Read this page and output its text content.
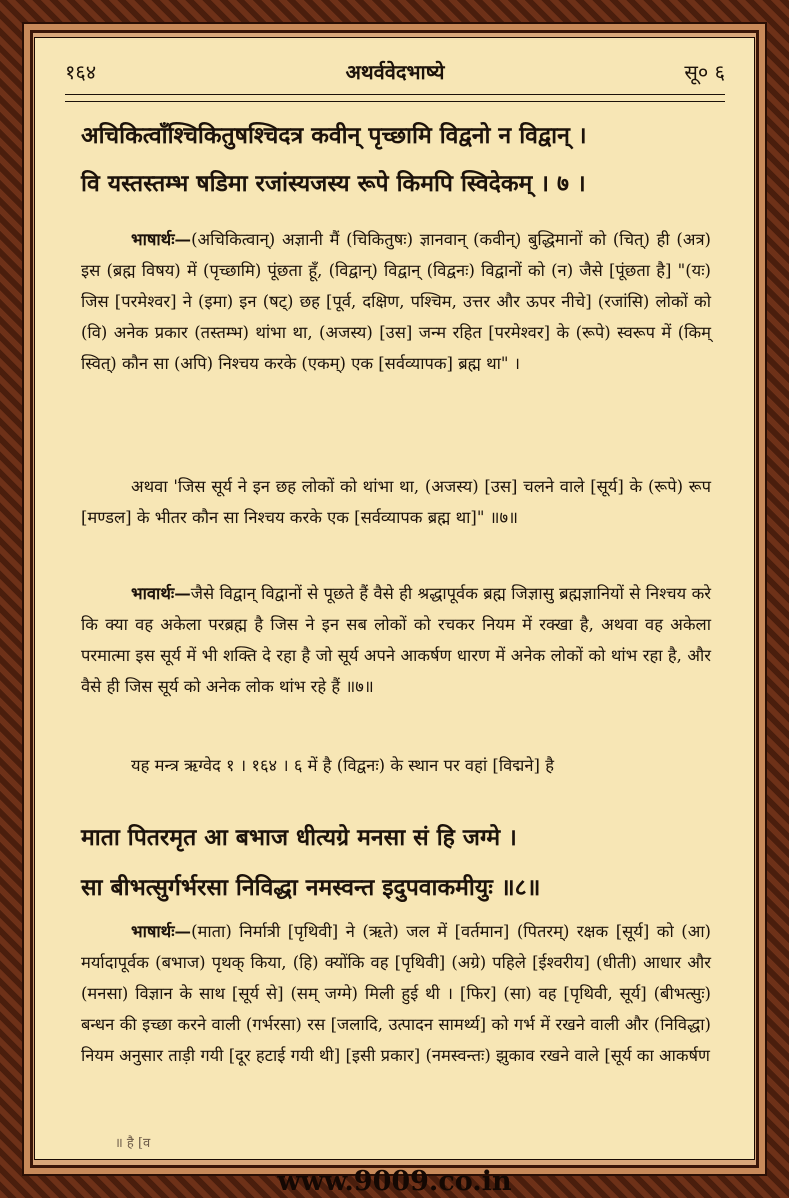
१६४	अथर्ववेदभाष्ये	सू० ६
अचिकित्वाँश्चिकितुषश्चिदत्र कवीन् पृच्छामि विद्वनो न विद्वान् ।
वि यस्तस्तम्भ षडिमा रजांस्यजस्य रूपे किमपि स्विदेकम् । ७ ।
भाषार्थः—(अचिकित्वान्) अज्ञानी मैं (चिकितुषः) ज्ञानवान् (कवीन्) बुद्धिमानों को (चित्) ही (अत्र) इस (ब्रह्म विषय) में (पृच्छामि) पूंछता हूँ, (विद्वान्) विद्वान् (विद्वनः) विद्वानों को (न) जैसे [पूंछता है] "(यः) जिस [परमेश्वर] ने (इमा) इन (षट्) छह [पूर्व, दक्षिण, पश्चिम, उत्तर और ऊपर नीचे] (रजांसि) लोकों को (वि) अनेक प्रकार (तस्तम्भ) थांभा था, (अजस्य) [उस] जन्म रहित [परमेश्वर] के (रूपे) स्वरूप में (किम् स्वित्) कौन सा (अपि) निश्चय करके (एकम्) एक [सर्वव्यापक] ब्रह्म था" ।
अथवा 'जिस सूर्य ने इन छह लोकों को थांभा था, (अजस्य) [उस] चलने वाले [सूर्य] के (रूपे) रूप [मण्डल] के भीतर कौन सा निश्चय करके एक [सर्वव्यापक ब्रह्म था]" ॥७॥
भावार्थः—जैसे विद्वान् विद्वानों से पूछते हैं वैसे ही श्रद्धापूर्वक ब्रह्म जिज्ञासु ब्रह्मज्ञानियों से निश्चय करे कि क्या वह अकेला परब्रह्म है जिस ने इन सब लोकों को रचकर नियम में रक्खा है, अथवा वह अकेला परमात्मा इस सूर्य में भी शक्ति दे रहा है जो सूर्य अपने आकर्षण धारण में अनेक लोकों को थांभ रहा है, और वैसे ही जिस सूर्य को अनेक लोक थांभ रहे हैं ॥७॥
यह मन्त्र ऋग्वेद १ । १६४ । ६ में है (विद्वनः) के स्थान पर वहां [विद्मने] है
माता पितरमृत आ बभाज धीत्यग्रे मनसा सं हि जग्मे ।
सा बीभत्सुर्गर्भरसा निविद्धा नमस्वन्त इदुपवाकमीयुः ॥८॥
भाषार्थः—(माता) निर्मात्री [पृथिवी] ने (ऋते) जल में [वर्तमान] (पितरम्) रक्षक [सूर्य] को (आ) मर्यादापूर्वक (बभाज) पृथक् किया, (हि) क्योंकि वह [पृथिवी] (अग्रे) पहिले [ईश्वरीय] (धीती) आधार और (मनसा) विज्ञान के साथ [सूर्य से] (सम् जग्मे) मिली हुई थी । [फिर] (सा) वह [पृथिवी, सूर्य] (बीभत्सुः) बन्धन की इच्छा करने वाली (गर्भरसा) रस [जलादि, उत्पादन सामर्थ्य] को गर्भ में रखने वाली और (निविद्धा) नियम अनुसार ताड़ी गयी [दूर हटाई गयी थी] [इसी प्रकार] (नमस्वन्तः) झुकाव रखने वाले [सूर्य का आकर्षण
॥ है [व
www.9009.co.in
